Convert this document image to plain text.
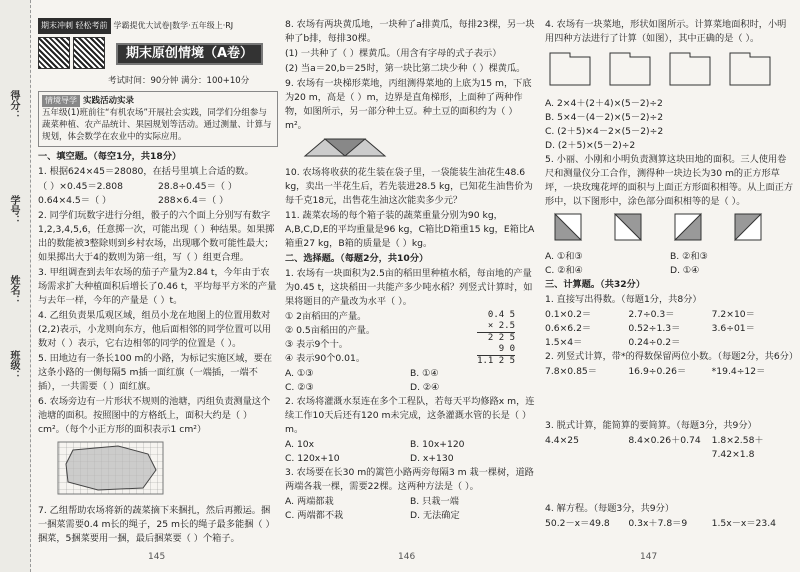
得分：
学号：
姓名：
班级：
期末冲刺 轻松考前 学霸提优大试卷|数学·五年级上·RJ
期末原创情境（A卷）
考试时间：90分钟 满分：100+10分
情境导学 实践活动实录
五年级(1)班前往“有机农场”开展社会实践，同学们分组参与蔬菜种植、农产品统计、果园规划等活动。通过测量、计算与规划，体会数学在农业中的实际应用。
一、填空题。（每空1分，共18分）
1. 根据624×45＝28080，在括号里填上合适的数。
（ ）×0.45＝2.808	28.8÷0.45＝（ ）
0.64×4.5＝（ ）	288×6.4＝（ ）
2. 同学们玩数字进行分组，骰子的六个面上分别写有数字1,2,3,4,5,6，任意掷一次，可能出现（ ）种结果。如果掷出的数能被3整除则到乡村农场，出现哪个数可能性最大；如果掷出大于4的数则为第一组，写（ ）组更合理。
3. 甲组调查到去年农场的茄子产量为2.84 t，今年由于农场需求扩大种植面积后增长了0.46 t，平均每平方米的产量与去年一样，今年的产量是（ ）t。
4. 乙组负责果瓜观区域，组员小龙在地图上的位置用数对(2,2)表示，小龙则向东方，他后面相邻的同学位置可以用数对（ ）表示，它右边相邻的同学的位置是（ ）。
5. 田地边有一条长100 m的小路，为标记实施区域，要在这条小路的一侧每隔5 m插一面红旗（一端插，一端不插），一共需要（ ）面红旗。
6. 农场旁边有一片形状不规则的池塘，丙组负责测量这个池塘的面积。按照图中的方格纸上，面积大约是（ ）cm²。（每个小正方形的面积表示1 cm²）
7. 乙组帮助农场将新的蔬菜摘下来捆扎，然后再搬运。捆一捆菜需要0.4 m长的绳子，25 m长的绳子最多能捆（ ）捆菜，5捆菜要用一捆，最后捆菜要（ ）个箱子。
8. 农场有两块黄瓜地，一块种了a排黄瓜，每排23棵，另一块种了b排，每排30棵。
(1) 一共种了（ ）棵黄瓜。（用含有字母的式子表示）
(2) 当a＝20,b＝25时，第一块比第二块少种（ ）棵黄瓜。
9. 农场有一块梯形菜地，丙组测得菜地的上底为15 m，下底为20 m，高是（ ）m，边界是直角梯形，上面种了两种作物，如图所示，另一部分种土豆。种土豆的面积约为（ ）m²。
10. 农场将收获的花生装在袋子里，一袋能装生油花生48.6 kg，卖出一半花生后，若先装进28.5 kg，已知花生油售价为每千克18元，出售花生油这次能卖多少元？
11. 蔬菜农场的每个箱子装的蔬菜重量分别为90 kg，A,B,C,D,E的平均重量是96 kg，C箱比D箱重15 kg，E箱比A箱重27 kg，B箱的质量是（ ）kg。
二、选择题。（每题2分，共10分）
1. 农场有一块面积为2.5亩的稻田里种植水稻，每亩地的产量为0.45 t，这块稻田一共能产多少吨水稻？列竖式计算时，如果将题目的产量改为水平（ ）。
① 2亩稻田的产量。
② 0.5亩稻田的产量。
③ 表示9个十。
④ 表示90个0.01。
0.4 5
× 2.5
2 2 5
9 0
1.1 2 5
A. ①③	B. ①④
C. ②③	D. ②④
2. 农场将灌溉水泵连在多个工程队，若每天平均修路x m，连续工作10天后还有120 m未完成，这条灌溉水管的长是（ ）m。
A. 10x	B. 10x+120
C. 120x+10	D. x+130
3. 农场要在长30 m的篱笆小路两旁每隔3 m 栽一棵树，道路两端各栽一棵，需要22棵。这两种方法是（ ）。
A. 两端都栽	B. 只栽一端
C. 两端都不栽	D. 无法确定
4. 农场有一块菜地，形状如图所示。计算菜地面积时，小明用四种方法进行了计算（如图），其中正确的是（ ）。
A. 2×4＋(2＋4)×(5－2)÷2
B. 5×4－(4－2)×(5－2)÷2
C. (2＋5)×4－2×(5－2)÷2
D. (2＋5)×(5－2)÷2
5. 小丽、小刚和小明负责测算这块田地的面积。三人使用卷尺和测量仪分工合作，测得种一块边长为30 m的正方形草坪，一块玫瑰花坪的面积与上面正方形面积相等。从上面正方形中，以下图形中，涂色部分面积相等的是（ ）。
A. ①和③	B. ②和③
C. ②和④	D. ①④
三、计算题。（共32分）
1. 直接写出得数。（每题1分，共8分）
0.1×0.2＝	2.7÷0.3＝	7.2×10＝
0.6×6.2＝	0.52÷1.3＝	3.6÷01＝
1.5×4＝	0.24÷0.2＝
2. 列竖式计算，带*的得数保留两位小数。（每题2分，共6分）
7.8×0.85＝	16.9÷0.26＝	*19.4÷12＝
3. 脱式计算，能简算的要简算。（每题3分，共9分）
4.4×25	8.4×0.26＋0.74	1.8×2.58＋7.42×1.8
4. 解方程。（每题3分，共9分）
50.2－x＝49.8	0.3x＋7.8＝9	1.5x－x＝23.4
145	146	147
